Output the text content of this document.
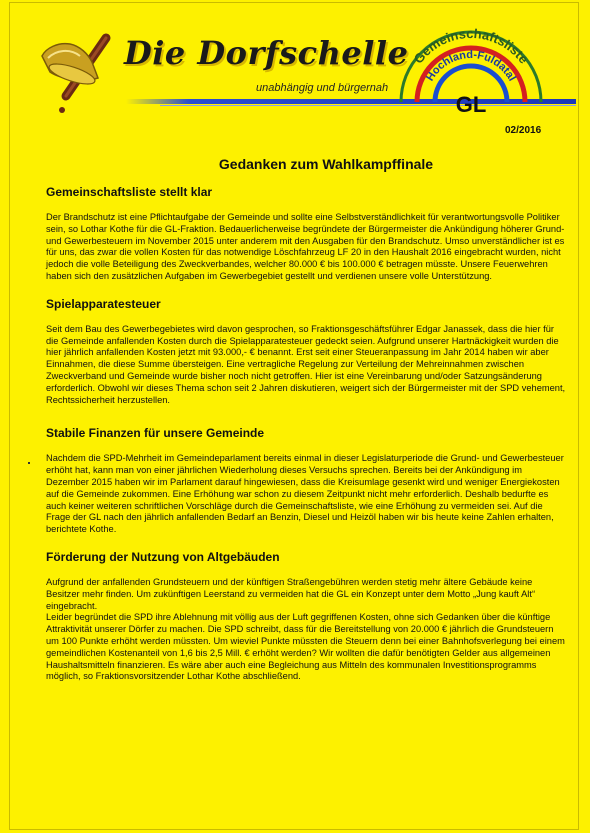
Die Dorfschelle
unabhängig und bürgernah
Gemeinschaftsliste
Hochland-Fuldatal
GL
02/2016
Gedanken zum Wahlkampffinale
Gemeinschaftsliste stellt klar

Der Brandschutz ist eine Pflichtaufgabe der Gemeinde und sollte eine Selbstverständlichkeit für verantwortungsvolle Politiker sein, so Lothar Kothe für die GL-Fraktion. Bedauerlicherweise begründete der Bürgermeister die Ankündigung höherer Grund- und Gewerbesteuern im November 2015 unter anderem mit den Ausgaben für den Brandschutz. Umso unverständlicher ist es für uns, das zwar die vollen Kosten für das notwendige Löschfahrzeug LF 20 in den Haushalt 2016 eingebracht wurden, nicht jedoch die volle Beteiligung des Zweckverbandes, welcher 80.000 € bis 100.000 € betragen müsste. Unsere Feuerwehren haben sich den zusätzlichen Aufgaben im Gewerbegebiet gestellt und verdienen unsere volle Unterstützung.

Spielapparatesteuer

Seit dem Bau des Gewerbegebietes wird davon gesprochen, so Fraktionsgeschäftsführer Edgar Janassek, dass die hier für die Gemeinde anfallenden Kosten durch die Spielapparatesteuer gedeckt seien. Aufgrund unserer Hartnäckigkeit wurden die hier jährlich anfallenden Kosten jetzt mit 93.000,- € benannt. Erst seit einer Steueranpassung im Jahr 2014 haben wir aber Einnahmen, die diese Summe übersteigen. Eine vertragliche Regelung zur Verteilung der Mehreinnahmen zwischen Zweckverband und Gemeinde wurde bisher noch nicht getroffen. Hier ist eine Vereinbarung und/oder Satzungsänderung erforderlich. Obwohl wir dieses Thema schon seit 2 Jahren diskutieren, weigert sich der Bürgermeister mit der SPD vehement, Rechtssicherheit herzustellen.

Stabile Finanzen für unsere Gemeinde

Nachdem die SPD-Mehrheit im Gemeindeparlament bereits einmal in dieser Legislaturperiode die Grund- und Gewerbesteuer erhöht hat, kann man von einer jährlichen Wiederholung dieses Versuchs sprechen. Bereits bei der Ankündigung im Dezember 2015 haben wir im Parlament darauf hingewiesen, dass die Kreisumlage gesenkt wird und weniger Energiekosten auf die Gemeinde zukommen. Eine Erhöhung war schon zu diesem Zeitpunkt nicht mehr erforderlich. Deshalb bedurfte es auch keiner weiteren schriftlichen Vorschläge durch die Gemeinschaftsliste, wie eine Erhöhung zu vermeiden sei. Auf die Frage der GL nach den jährlich anfallenden Bedarf an Benzin, Diesel und Heizöl haben wir bis heute keine Zahlen erhalten, berichtete Kothe.

Förderung der Nutzung von Altgebäuden

Aufgrund der anfallenden Grundsteuern und der künftigen Straßengebühren werden stetig mehr ältere Gebäude keine Besitzer mehr finden. Um zukünftigen Leerstand zu vermeiden hat die GL ein Konzept unter dem Motto „Jung kauft Alt“ eingebracht.

Leider begründet die SPD ihre Ablehnung mit völlig aus der Luft gegriffenen Kosten, ohne sich Gedanken über die künftige Attraktivität unserer Dörfer zu machen. Die SPD schreibt, dass für die Bereitstellung von 20.000 € jährlich die Grundsteuern um 100 Punkte erhöht werden müssten. Um wieviel Punkte müssten die Steuern denn bei einer Bahnhofsverlegung bei einem gemeindlichen Kostenanteil von 1,6 bis 2,5 Mill. € erhöht werden? Wir wollten die dafür benötigten Gelder aus allgemeinen Haushaltsmitteln finanzieren. Es wäre aber auch eine Begleichung aus Mitteln des kommunalen Investitionsprogramms möglich, so Fraktionsvorsitzender Lothar Kothe abschließend.
